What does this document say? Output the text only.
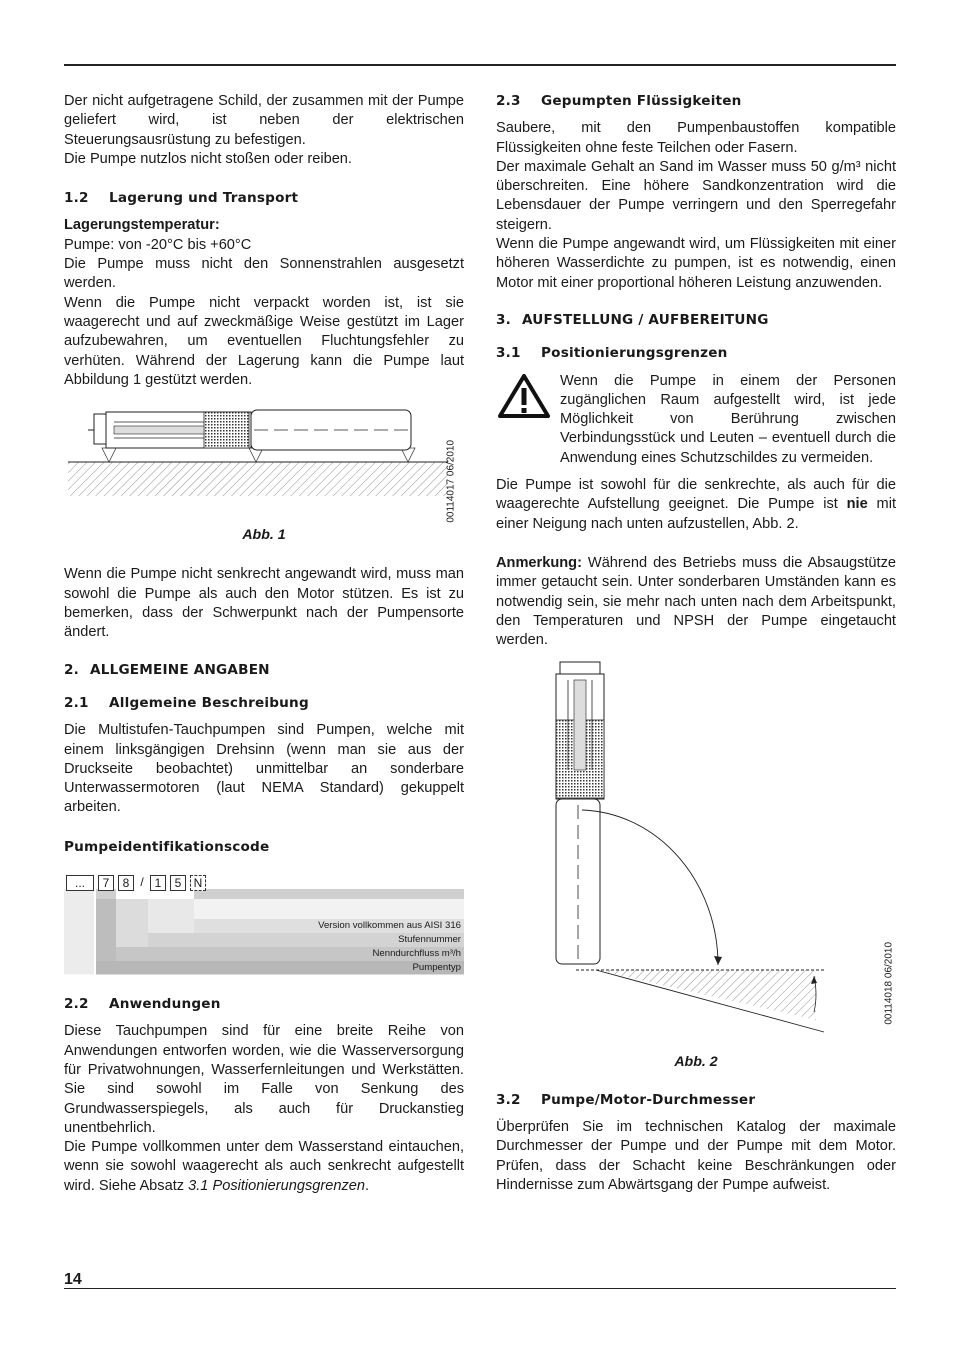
Der nicht aufgetragene Schild, der zusammen mit der Pumpe geliefert wird, ist neben der elektrischen Steuerungsausrüstung zu befestigen.

Die Pumpe nutzlos nicht stoßen oder reiben.

1.2 Lagerung und Transport

Lagerungstemperatur:

Pumpe: von -20°C bis +60°C

Die Pumpe muss nicht den Sonnenstrahlen ausgesetzt werden.

Wenn die Pumpe nicht verpackt worden ist, ist sie waagerecht und auf zweckmäßige Weise gestützt im Lager aufzubewahren, um eventuellen Fluchtungsfehler zu verhüten. Während der Lagerung kann die Pumpe laut Abbildung 1 gestützt werden.

00114017 06/2010

Abb. 1

Wenn die Pumpe nicht senkrecht angewandt wird, muss man sowohl die Pumpe als auch den Motor stützen. Es ist zu bemerken, dass der Schwerpunkt nach der Pumpensorte ändert.

2. ALLGEMEINE ANGABEN
2.1 Allgemeine Beschreibung

Die Multistufen-Tauchpumpen sind Pumpen, welche mit einem linksgängigen Drehsinn (wenn man sie aus der Druckseite beobachtet) unmittelbar an sonderbare Unterwassermotoren (laut NEMA Standard) gekuppelt arbeiten.

Pumpeidentifikationscode
...	7	8 / 1	5	N
Version vollkommen aus AISI 316
Stufennummer
Nenndurchfluss m³/h
Pumpentyp
2.2 Anwendungen

Diese Tauchpumpen sind für eine breite Reihe von Anwendungen entworfen worden, wie die Wasserversorgung für Privatwohnungen, Wasserfernleitungen und Werkstätten. Sie sind sowohl im Falle von Senkung des Grundwasserspiegels, als auch für Druckanstieg unentbehrlich.

Die Pumpe vollkommen unter dem Wasserstand eintauchen, wenn sie sowohl waagerecht als auch senkrecht aufgestellt wird. Siehe Absatz 3.1 Positionierungsgrenzen.

2.3 Gepumpten Flüssigkeiten

Saubere, mit den Pumpenbaustoffen kompatible Flüssigkeiten ohne feste Teilchen oder Fasern.

Der maximale Gehalt an Sand im Wasser muss 50 g/m³ nicht überschreiten. Eine höhere Sandkonzentration wird die Lebensdauer der Pumpe verringern und den Sperregefahr steigern.

Wenn die Pumpe angewandt wird, um Flüssigkeiten mit einer höheren Wasserdichte zu pumpen, ist es notwendig, einen Motor mit einer proportional höheren Leistung anzuwenden.

3. AUFSTELLUNG / AUFBEREITUNG
3.1 Positionierungsgrenzen

Wenn die Pumpe in einem der Personen zugänglichen Raum aufgestellt wird, ist jede Möglichkeit von Berührung zwischen Verbindungsstück und Leuten – eventuell durch die Anwendung eines Schutzschildes zu vermeiden.

Die Pumpe ist sowohl für die senkrechte, als auch für die waagerechte Aufstellung geeignet. Die Pumpe ist nie mit einer Neigung nach unten aufzustellen, Abb. 2.

Anmerkung: Während des Betriebs muss die Absaugstütze immer getaucht sein. Unter sonderbaren Umständen kann es notwendig sein, sie mehr nach unten nach dem Arbeitspunkt, den Temperaturen und NPSH der Pumpe eingetaucht werden.

00114018 06/2010

Abb. 2

3.2 Pumpe/Motor-Durchmesser

Überprüfen Sie im technischen Katalog der maximale Durchmesser der Pumpe und der Pumpe mit dem Motor. Prüfen, dass der Schacht keine Beschränkungen oder Hindernisse zum Abwärtsgang der Pumpe aufweist.

14
